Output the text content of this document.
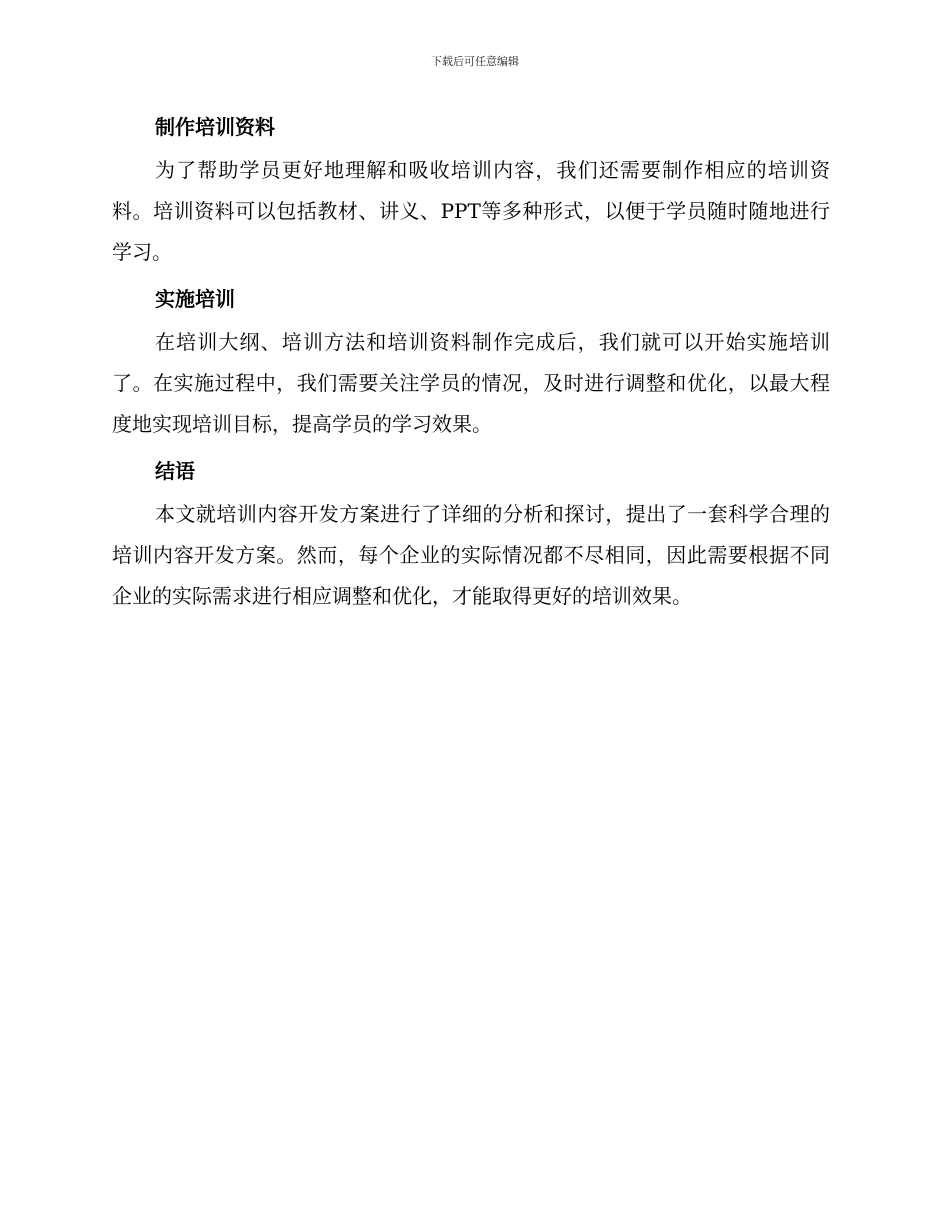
下载后可任意编辑
制作培训资料

为了帮助学员更好地理解和吸收培训内容，我们还需要制作相应的培训资料。培训资料可以包括教材、讲义、PPT等多种形式，以便于学员随时随地进行学习。

实施培训

在培训大纲、培训方法和培训资料制作完成后，我们就可以开始实施培训了。在实施过程中，我们需要关注学员的情况，及时进行调整和优化，以最大程度地实现培训目标，提高学员的学习效果。

结语

本文就培训内容开发方案进行了详细的分析和探讨，提出了一套科学合理的培训内容开发方案。然而，每个企业的实际情况都不尽相同，因此需要根据不同企业的实际需求进行相应调整和优化，才能取得更好的培训效果。
